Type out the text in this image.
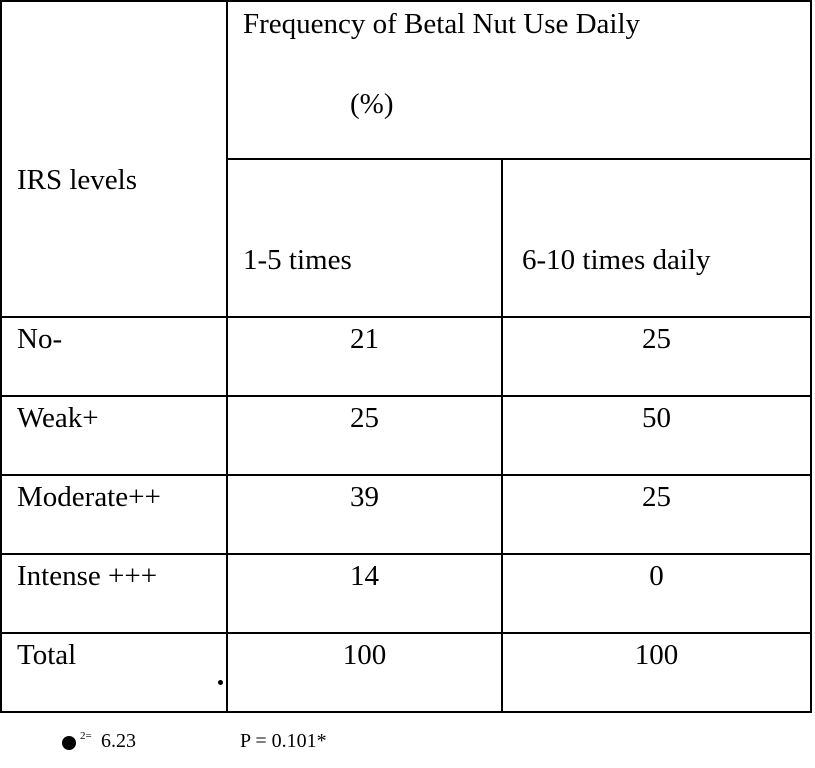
Frequency of Betal Nut Use Daily
(%)
IRS levels
1-5 times	6-10 times daily
No-	21	25
Weak+	25	50
Moderate++	39	25
Intense +++	14	0
Total	100	100
2= 6.23	P = 0.101*
